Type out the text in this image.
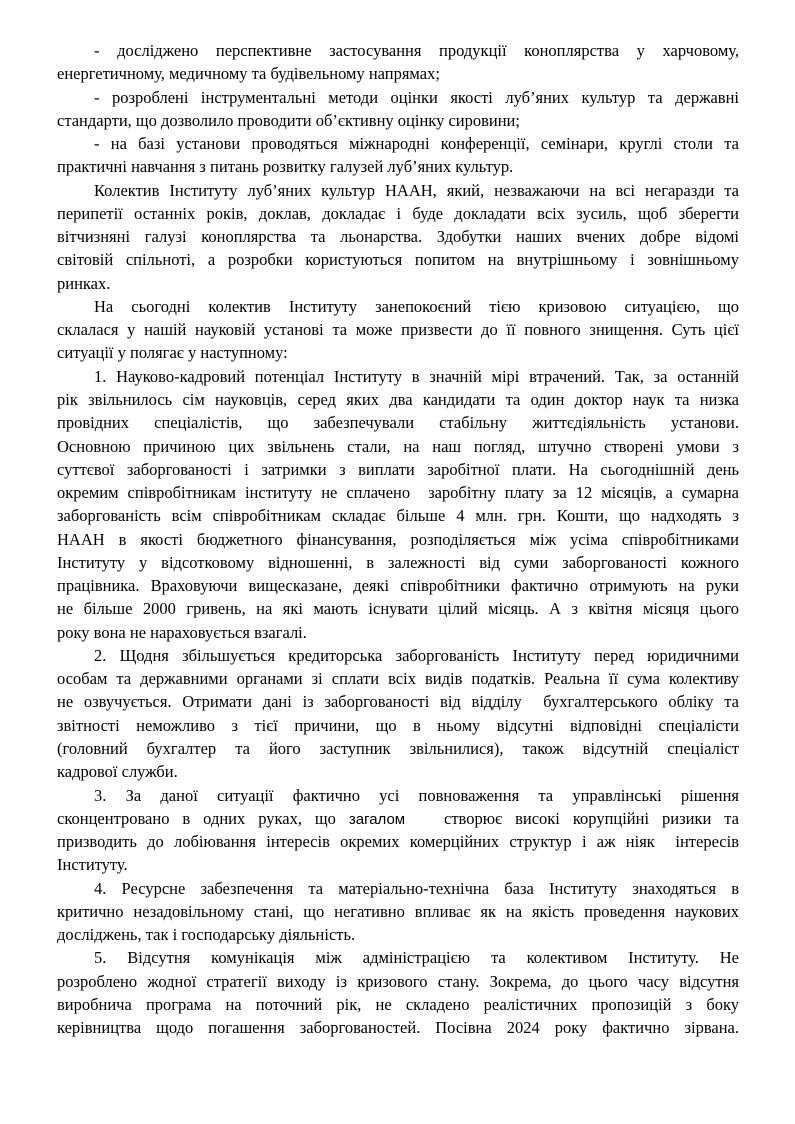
- досліджено перспективне застосування продукції коноплярства у харчовому,
енергетичному, медичному та будівельному напрямах;
- розроблені інструментальні методи оцінки якості луб’яних культур та державні
стандарти, що дозволило проводити об’єктивну оцінку сировини;
- на базі установи проводяться міжнародні конференції, семінари, круглі столи та
практичні навчання з питань розвитку галузей луб’яних культур.
Колектив Інституту луб’яних культур НААН, який, незважаючи на всі негаразди та
перипетії останніх років, доклав, докладає і буде докладати всіх зусиль, щоб зберегти
вітчизняні галузі коноплярства та льонарства. Здобутки наших вчених добре відомі
світовій спільноті, а розробки користуються попитом на внутрішньому і зовнішньому
ринках.
На сьогодні колектив Інституту занепокоєний тією кризовою ситуацією, що
склалася у нашій науковій установі та може призвести до її повного знищення. Суть цієї
ситуації у полягає у наступному:
1. Науково-кадровий потенціал Інституту в значній мірі втрачений. Так, за останній
рік звільнилось сім науковців, серед яких два кандидати та один доктор наук та низка
провідних спеціалістів, що забезпечували стабільну життєдіяльність установи.
Основною причиною цих звільнень стали, на наш погляд, штучно створені умови з
суттєвої заборгованості і затримки з виплати заробітної плати. На сьогоднішній день
окремим співробітникам інституту не сплачено  заробітну плату за 12 місяців, а сумарна
заборгованість всім співробітникам складає більше 4 млн. грн. Кошти, що надходять з
НААН в якості бюджетного фінансування, розподіляється між усіма співробітниками
Інституту у відсотковому відношенні, в залежності від суми заборгованості кожного
працівника. Враховуючи вищесказане, деякі співробітники фактично отримують на руки
не більше 2000 гривень, на які мають існувати цілий місяць. А з квітня місяця цього
року вона не нараховується взагалі.
2. Щодня збільшується кредиторська заборгованість Інституту перед юридичними
особам та державними органами зі сплати всіх видів податків. Реальна її сума колективу
не озвучується. Отримати дані із заборгованості від відділу  бухгалтерського обліку та
звітності неможливо з тієї причини, що в ньому відсутні відповідні спеціалісти
(головний бухгалтер та його заступник звільнилися), також відсутній спеціаліст
кадрової служби.
3. За даної ситуації фактично усі повноваження та управлінські рішення
сконцентровано в одних руках, що загалом   створює високі корупційні ризики та
призводить до лобіювання інтересів окремих комерційних структур і аж ніяк  інтересів
Інституту.
4. Ресурсне забезпечення та матеріально-технічна база Інституту знаходяться в
критично незадовільному стані, що негативно впливає як на якість проведення наукових
досліджень, так і господарську діяльність.
5. Відсутня комунікація між адміністрацією та колективом Інституту. Не
розроблено жодної стратегії виходу із кризового стану. Зокрема, до цього часу відсутня
виробнича програма на поточний рік, не складено реалістичних пропозицій з боку
керівництва щодо погашення заборгованостей. Посівна 2024 року фактично зірвана.
